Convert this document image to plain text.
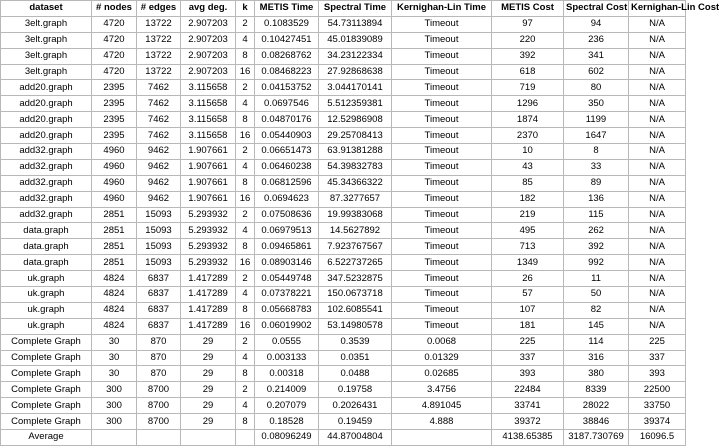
dataset	# nodes	# edges	avg deg.	k	METIS Time	Spectral Time	Kernighan-Lin Time	METIS Cost	Spectral Cost	Kernighan-Lin Cost
3elt.graph	4720	13722	2.907203	2	0.1083529	54.73113894	Timeout	97	94	N/A
3elt.graph	4720	13722	2.907203	4	0.10427451	45.01839089	Timeout	220	236	N/A
3elt.graph	4720	13722	2.907203	8	0.08268762	34.23122334	Timeout	392	341	N/A
3elt.graph	4720	13722	2.907203	16	0.08468223	27.92868638	Timeout	618	602	N/A
add20.graph	2395	7462	3.115658	2	0.04153752	3.044170141	Timeout	719	80	N/A
add20.graph	2395	7462	3.115658	4	0.0697546	5.512359381	Timeout	1296	350	N/A
add20.graph	2395	7462	3.115658	8	0.04870176	12.52986908	Timeout	1874	1199	N/A
add20.graph	2395	7462	3.115658	16	0.05440903	29.25708413	Timeout	2370	1647	N/A
add32.graph	4960	9462	1.907661	2	0.06651473	63.91381288	Timeout	10	8	N/A
add32.graph	4960	9462	1.907661	4	0.06460238	54.39832783	Timeout	43	33	N/A
add32.graph	4960	9462	1.907661	8	0.06812596	45.34366322	Timeout	85	89	N/A
add32.graph	4960	9462	1.907661	16	0.0694623	87.3277657	Timeout	182	136	N/A
add32.graph	2851	15093	5.293932	2	0.07508636	19.99383068	Timeout	219	115	N/A
data.graph	2851	15093	5.293932	4	0.06979513	14.5627892	Timeout	495	262	N/A
data.graph	2851	15093	5.293932	8	0.09465861	7.923767567	Timeout	713	392	N/A
data.graph	2851	15093	5.293932	16	0.08903146	6.522737265	Timeout	1349	992	N/A
uk.graph	4824	6837	1.417289	2	0.05449748	347.5232875	Timeout	26	11	N/A
uk.graph	4824	6837	1.417289	4	0.07378221	150.0673718	Timeout	57	50	N/A
uk.graph	4824	6837	1.417289	8	0.05668783	102.6085541	Timeout	107	82	N/A
uk.graph	4824	6837	1.417289	16	0.06019902	53.14980578	Timeout	181	145	N/A
Complete Graph	30	870	29	2	0.0555	0.3539	0.0068	225	114	225
Complete Graph	30	870	29	4	0.003133	0.0351	0.01329	337	316	337
Complete Graph	30	870	29	8	0.00318	0.0488	0.02685	393	380	393
Complete Graph	300	8700	29	2	0.214009	0.19758	3.4756	22484	8339	22500
Complete Graph	300	8700	29	4	0.207079	0.2026431	4.891045	33741	28022	33750
Complete Graph	300	8700	29	8	0.18528	0.19459	4.888	39372	38846	39374
Average					0.08096249	44.87004804		4138.65385	3187.730769	16096.5
